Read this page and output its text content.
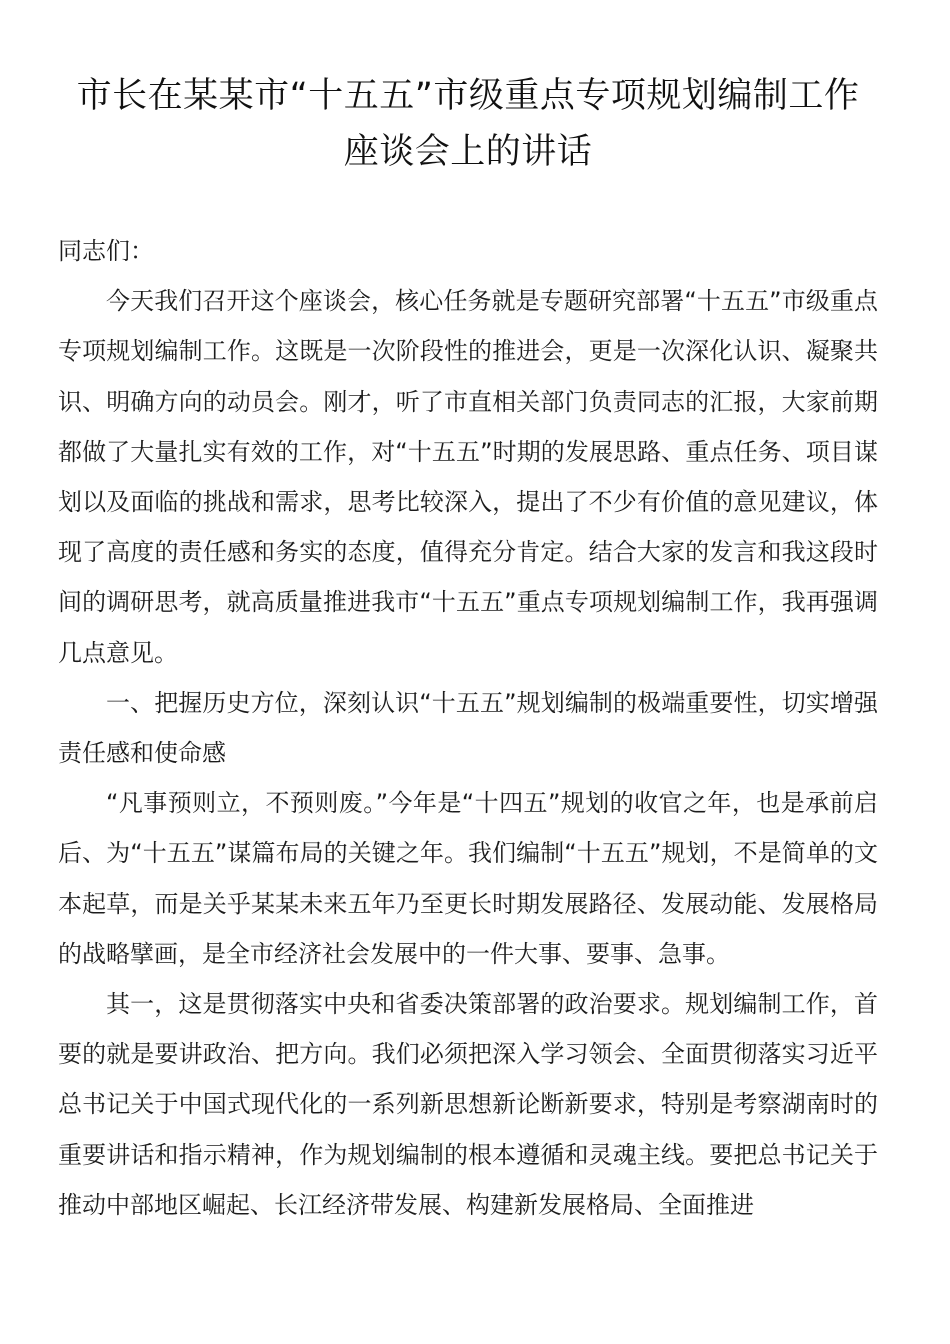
市长在某某市“十五五”市级重点专项规划编制工作
座谈会上的讲话

同志们：

今天我们召开这个座谈会，核心任务就是专题研究部署“十五五”市级重点专项规划编制工作。这既是一次阶段性的推进会，更是一次深化认识、凝聚共识、明确方向的动员会。刚才，听了市直相关部门负责同志的汇报，大家前期都做了大量扎实有效的工作，对“十五五”时期的发展思路、重点任务、项目谋划以及面临的挑战和需求，思考比较深入，提出了不少有价值的意见建议，体现了高度的责任感和务实的态度，值得充分肯定。结合大家的发言和我这段时间的调研思考，就高质量推进我市“十五五”重点专项规划编制工作，我再强调几点意见。

一、把握历史方位，深刻认识“十五五”规划编制的极端重要性，切实增强责任感和使命感

“凡事预则立，不预则废。”今年是“十四五”规划的收官之年，也是承前启后、为“十五五”谋篇布局的关键之年。我们编制“十五五”规划，不是简单的文本起草，而是关乎某某未来五年乃至更长时期发展路径、发展动能、发展格局的战略擘画，是全市经济社会发展中的一件大事、要事、急事。

其一，这是贯彻落实中央和省委决策部署的政治要求。规划编制工作，首要的就是要讲政治、把方向。我们必须把深入学习领会、全面贯彻落实习近平总书记关于中国式现代化的一系列新思想新论断新要求，特别是考察湖南时的重要讲话和指示精神，作为规划编制的根本遵循和灵魂主线。要把总书记关于推动中部地区崛起、长江经济带发展、构建新发展格局、全面推进
